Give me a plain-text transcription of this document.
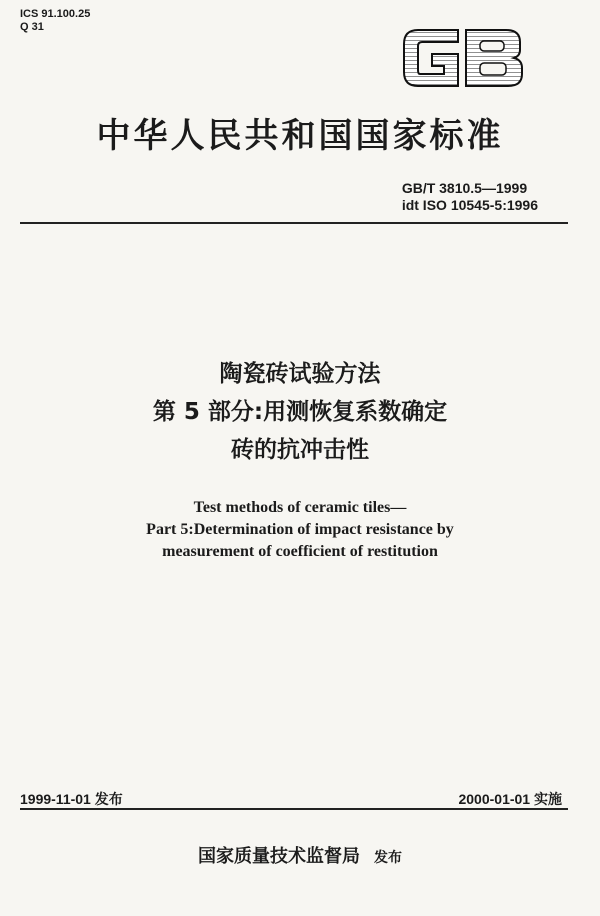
ICS 91.100.25
Q 31
GB
中华人民共和国国家标准
GB/T 3810.5—1999
idt ISO 10545-5:1996
陶瓷砖试验方法
第 5 部分:用测恢复系数确定
砖的抗冲击性
Test methods of ceramic tiles—
Part 5:Determination of impact resistance by
measurement of coefficient of restitution
1999-11-01 发布	2000-01-01 实施
国家质量技术监督局 发布
